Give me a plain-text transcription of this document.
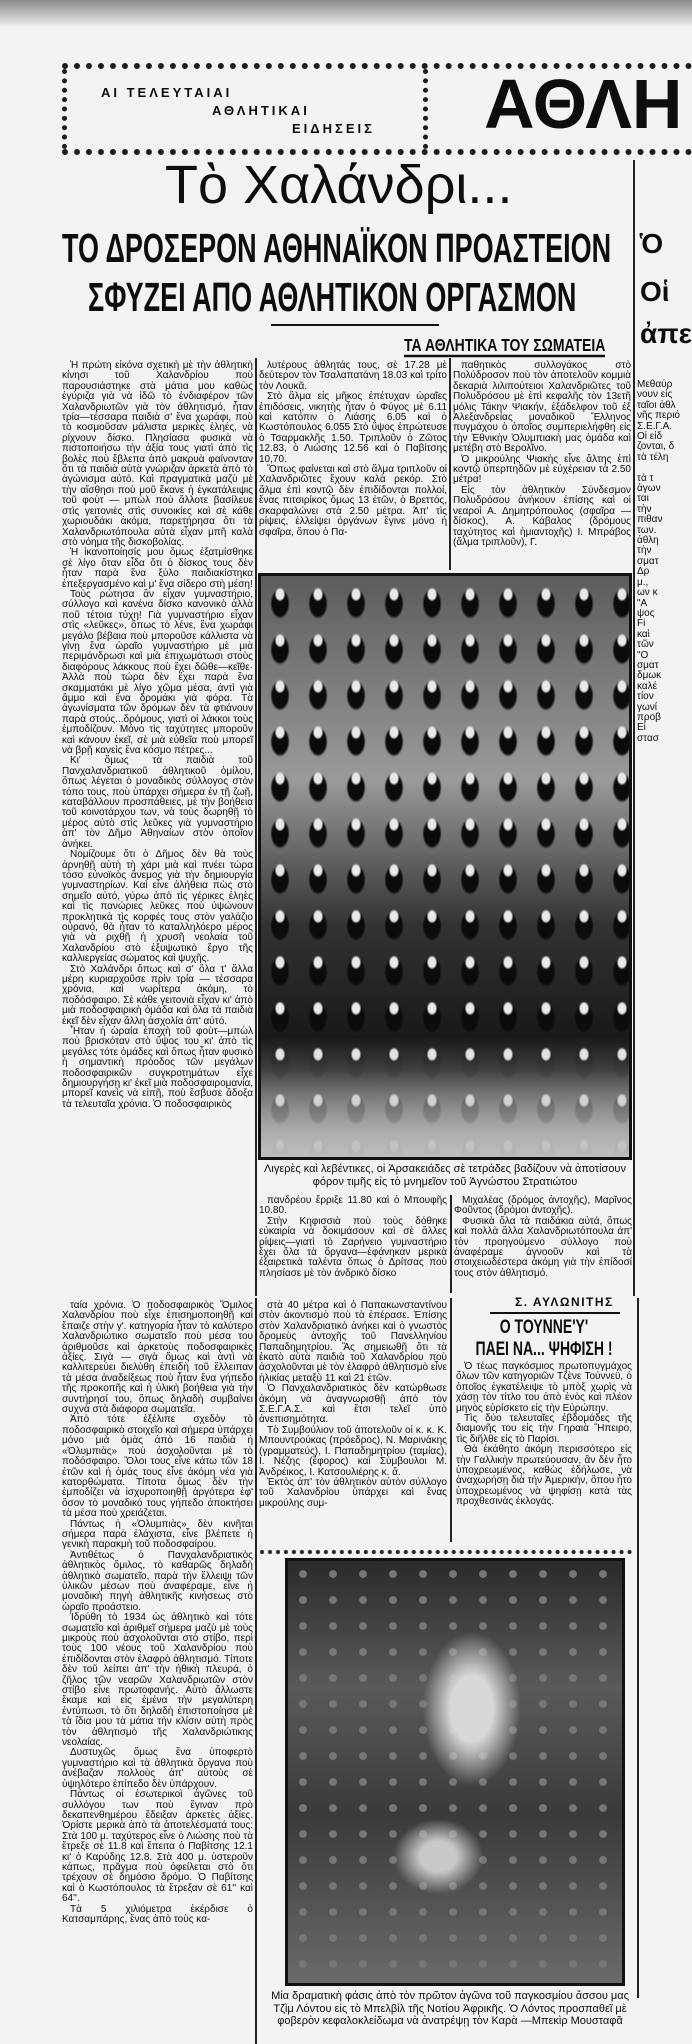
ΑΙ ΤΕΛΕΥΤΑΙΑΙ
ΑΘΛΗΤΙΚΑΙ
ΕΙΔΗΣΕΙΣ ΑΘΛΗ
Τὸ Χαλάνδρι...
ΤΟ ΔΡΟΣΕΡΟΝ ΑΘΗΝΑΪΚΟΝ ΠΡΟΑΣΤΕΙΟΝ
ΣΦΥΖΕΙ ΑΠΟ ΑΘΛΗΤΙΚΟΝ ΟΡΓΑΣΜΟΝ
Ὁ
Οἱ
ἀπε
ΤΑ ΑΘΛΗΤΙΚΑ ΤΟΥ ΣΩΜΑΤΕΙΑ

Ἡ πρώτη εἰκόνα σχετικὴ μὲ τὴν ἀθλητικὴ κίνησι τοῦ Χαλανδρίου ποὺ παρουσιάστηκε στὰ μάτια μου καθὼς ἐγύριζα γιὰ νὰ ἰδῶ τὸ ἐνδιαφέρον τῶν Χαλανδριωτῶν γιὰ τὸν ἀθλητισμό, ἦταν τρία—τέσσαρα παιδιὰ σ' ἕνα χωράφι, ποὺ τὸ κοσμοῦσαν μάλιστα μερικὲς ἐληές, νὰ ρίχνουν δίσκο. Πλησίασα φυσικὰ νὰ πιστοποιήσω τὴν ἀξία τους γιατὶ ἀπὸ τὶς βολὲς ποὺ ἔβλεπα ἀπὸ μακρυὰ φαίνονταν ὅτι τὰ παιδιὰ αὐτὰ γνώριζαν ἀρκετὰ ἀπὸ τὸ ἀγώνισμα αὐτό. Καὶ πραγματικὰ μαζὺ μὲ τὴν αἴσθησι ποὺ μοῦ ἔκανε ἡ ἐγκατάλειψις τοῦ φοὺτ — μπὼλ ποὺ ἄλλοτε βασίλευε στὶς γειτονιὲς στὶς συνοικίες καὶ σὲ κάθε χωριουδάκι ἀκόμα, παρετήρησα ὅτι τὰ Χαλανδριωτόπουλα αὐτὰ εἶχαν μπῆ καλὰ στὸ νόημα τῆς δισκοβολίας.

Ἡ ἱκανοποίησίς μου ὅμως ἐξατμίσθηκε σὲ λίγο ὅταν εἶδα ὅτι ὁ δίσκος τους δὲν ἦταν παρὰ ἕνα ξύλο παιδιακίστηκα ἐπεξεργασμένο καὶ μ' ἕνα σίδερο στὴ μέση!

Τοὺς ρώτησα ἂν εἶχαν γυμναστήριο, σύλλογο καὶ κανένα δίσκο κανονικὸ ἀλλὰ ποῦ τέτοια τύχη! Γιὰ γυμναστήριο εἶχαν στὶς «λεῦκες», ὅπως τὸ λένε, ἕνα χωράφι μεγάλο βέβαια ποὺ μποροῦσε κάλλιστα νὰ γίνῃ ἕνα ὡραῖο γυμναστήριο μὲ μιὰ περιμάνδρωσι καὶ μιὰ ἐπιχωμάτωσι στοὺς διαφόρους λάκκους ποὺ ἔχει δῶθε—κεῖθε· Ἀλλὰ ποὺ τώρα δὲν ἔχει παρὰ ἕνα σκαμματάκι μὲ λίγο χῶμα μέσα, ἀντὶ γιὰ ἄμμο καὶ ἕνα δρομάκι γιὰ φόρα. Τὰ ἀγωνίσματα τῶν δρόμων δὲν τὰ φτιάνουν παρὰ στούς...δρόμους, γιατὶ οἱ λάκκοι τοὺς ἐμποδίζουν. Μόνο τὶς ταχύτητες μποροῦν καὶ κάνουν ἐκεῖ, σὲ μιὰ εὐθεῖα ποὺ μπορεῖ νὰ βρῇ κανεὶς ἕνα κόσμο πέτρες...

Κι' ὅμως τὰ παιδιὰ τοῦ Πανχαλανδριατικοῦ ἀθλητικοῦ ὁμίλου, ὅπως λέγεται ὁ μοναδικὸς σύλλογος στὸν τόπο τους, ποὺ ὑπάρχει σήμερα ἐν τῇ ζωῇ, καταβάλλουν προσπάθειες, μὲ τὴν βοήθεια τοῦ κοινοτάρχου των, νὰ τοὺς δωρηθῇ τὸ μέρος αὐτὸ στὶς λεῦκες γιὰ γυμναστήριο ἀπ' τὸν Δῆμο Ἀθηναίων στὸν ὁποῖον ἀνήκει.

Νομίζουμε ὅτι ὁ Δῆμος δὲν θὰ τοὺς ἀρνηθῇ αὐτὴ τὴ χάρι μιὰ καὶ πνέει τώρα τόσο εὐνοϊκὸς ἄνεμος γιὰ τὴν δημιουργία γυμναστηρίων. Καὶ εἶνε ἀλήθεια πὼς στὸ σημεῖο αὐτό, γύρω ἀπὸ τὶς γέρικες ἐληὲς καὶ τὶς πανώριες λεῦκες ποὺ ὑψώνουν προκλητικὰ τὶς κορφές τους στὸν γαλάζιο οὐρανό, θὰ ἦταν τὸ καταλληλόερο μέρος γιὰ νὰ ριχθῇ ἡ χρυσῆ νεολαία τοῦ Χαλανδρίου στὸ ἐξυψωτικὸ ἔργο τῆς καλλιεργείας σώματος καὶ ψυχῆς.

Στὸ Χαλάνδρι ὅπως καὶ σ' ὅλα τ' ἄλλα μέρη κυριαρχοῦσε πρὶν τρία — τέσσαρα χρόνια, καὶ νωρίτερα ἀκόμη, τὸ ποδόσφαιρο. Σὲ κάθε γειτονιὰ εἶχαν κι' ἀπὸ μιὰ ποδοσφαιρικὴ ὁμάδα καὶ ὅλα τὰ παιδιὰ ἐκεῖ δὲν εἶχαν ἄλλη ἀσχολία ἀπ' αὐτό.

Ἦταν ἡ ὡραία ἐποχὴ τοῦ φοὺτ—μπὼλ ποὺ βρισκόταν στὸ ὕψος του κι' ἀπὸ τὶς μεγάλες τότε ὁμάδες καὶ ὅπως ἦταν φυσικὸ ἡ σημαντικὴ πρόοδος τῶν μεγάλων ποδοσφαιρικῶν συγκροτημάτων εἶχε δημιουργήσῃ κι' ἐκεῖ μιὰ ποδοσφαιρομανία, μπορεῖ κανεὶς νὰ εἰπῇ, ποὺ ἔσβυσε ἄδοξα τὰ τελευταῖα χρόνια. Ὁ ποδοσφαιρικὸς

λυτέρους ἀθλητάς τους, σὲ 17.28 μὲ δεύτερον τὸν Τσαλαπατάνη 18.03 καὶ τρίτο τὸν Λουκᾶ.

Στὸ ἅλμα εἰς μῆκος ἐπέτυχαν ὡραῖες ἐπιδόσεις, νικητὴς ἦταν ὁ Φύγος μὲ 6.11 καὶ κατόπιν ὁ Λιάσης 6.05 καὶ ὁ Κωστόπουλος 6.055 Στὸ ὕψος ἐπρώτευσε ὁ Τσαρμακλῆς 1.50. Τριπλοῦν ὁ Ζῶτος 12.83, ὁ Λιώσης 12.56 καὶ ὁ Παβίτσης 10,70.

Ὅπως φαίνεται καὶ στὸ ἅλμα τριπλοῦν οἱ Χαλανδριῶτες ἔχουν καλὰ ρεκόρ. Στὸ ἅλμα ἐπὶ κοντῷ δὲν ἐπιδίδονται πολλοί, ἕνας πιτσιρίκος ὅμως 13 ἐτῶν, ὁ Βρεττός, σκαρφαλώνει στὰ 2.50 μέτρα. Ἀπ' τὶς ρίψεις, ἐλλείψει ὀργάνων ἔγινε μόνο ἡ σφαῖρα, ὅπου ὁ Πα-

παθητικὸς συλλογάκος στὸ Πολύδροσον ποὺ τὸν ἀποτελοῦν κομμιὰ δεκαριὰ λιλιπούτειοι Χαλανδριῶτες τοῦ Πολυδρόσου μὲ ἐπὶ κεφαλῆς τὸν 13ετῆ μόλις Τάκην Ψιακήν, ἐξάδελφον τοῦ ἐξ Ἀλεξανδρείας μοναδικοῦ Ἕλληνος πυγμάχου ὁ ὁποῖος συμπεριελήφθη εἰς τὴν Ἐθνικὴν Ὀλυμπιακὴ μας ὁμάδα καὶ μετέβη στὸ Βερολῖνο.

Ὁ μικρούλης Ψιακὴς εἶνε ἄλτης ἐπὶ κοντῷ ὑπερπηδῶν μὲ εὐχέρειαν τὰ 2.50 μέτρα!

Εἰς τὸν ἀθλητικὸν Σύνδεσμον Πολυδρόσου ἀνήκουν ἐπίσης καὶ οἱ νεαροὶ Α. Δημητρόπουλος (σφαῖρα — δίσκος), Α. Κάβαλος (δρόμους ταχύτητος καὶ ἡμιαντοχῆς) Ι. Μπράβος (ἅλμα τριπλοῦν), Γ.

Λιγερὲς καὶ λεβέντικες, οἱ Ἀρσακειάδες σὲ τετράδες βαδίζουν νὰ ἀποτίσουν φόρον τιμῆς εἰς τὸ μνημεῖον τοῦ Ἀγνώστου Στρατιώτου

πανδρέου ἔρριξε 11.80 καὶ ὁ Μπουφῆς 10.80.

Στὴν Κηφισσιὰ ποὺ τοὺς δόθηκε εὐκαιρία νὰ δοκιμάσουν καὶ σὲ ἄλλες ρίψεις—γιατὶ τὸ Ζαρήνειο γυμναστήριο ἔχει ὅλα τὰ ὄργανα—ἐφάνηκαν μερικὰ ἐξαιρετικὰ ταλέντα ὅπως ὁ Δρίτσας ποὺ πλησίασε μὲ τὸν ἀνδρικὸ δίσκο

Μιχαλέας (δρόμος ἀντοχῆς), Μαρῖνος Φοῦντος (δρόμοι ἀντοχῆς).

Φυσικὰ ὅλα τὰ παιδάκια αὐτά, ὅπως καὶ πολλὰ ἄλλα Χαλανδριωτόπουλα ἀπ' τὸν προηγούμενο σύλλογο ποὺ ἀναφέραμε ἀγνοοῦν καὶ τὰ στοιχειωδέστερα ἀκόμη γιὰ τὴν ἐπίδοσί τους στὸν ἀθλητισμό.

Μεθαύρ
νουν εἰς
ταῖοι ἀθλ
νῆς περιό
Σ.Ε.Γ.Α.
Οἱ εἰδ
ζονται, δ
τὰ τέλη
τὰ τ
ἀγων
ται
τὴν
πιθαν
των.
ἀθλη
τὴν
σματ
Δρ
μ.,
ων κ
"Α
ψος
Fi
καὶ
τῶν
"Ο
σματ
δμωκ
καλέ
τίον
γωνί
προβ
Εἰ
στασ

ταία χρόνια. Ὁ ποδοσφαιρικὸς Ὅμιλος Χαλανδρίου ποὺ εἶχε ἐπισημοποιηθῇ καὶ ἔπαιζε στὴν γ'. κατηγορία ἦταν τὸ καλύτερο Χαλανδριώτικο σωματεῖο ποὺ μέσα του ἀριθμοῦσε καὶ ἀρκετοὺς ποδοσφαιρικὲς ἀξίες. Σιγὰ — σιγὰ ὅμως καὶ ἀντὶ νὰ καλλιτερεύει διελύθη ἐπειδὴ τοῦ ἔλλειπαν τὰ μέσα ἀναδείξεως ποὺ ἦταν ἕνα γήπεδο τῆς προκοπῆς καὶ ἡ ὑλικὴ βοήθεια γιὰ τὴν συντήρησί του, ὅπως δηλαδὴ συμβαίνει συχνὰ στὰ διάφορα σωματεῖα.

Ἀπὸ τότε ἐξέλιπε σχεδὸν τὸ ποδοσφαιρικὸ στοιχεῖο καὶ σήμερα ὑπάρχει μόνο μιὰ ὁμὰς ἀπὸ 16 παιδιὰ ἡ «Ὀλυμπιὰς» ποὺ ἀσχολοῦνται μὲ τὸ ποδόσφαιρο. Ὅλοι τους εἶνε κάτω τῶν 18 ἐτῶν καὶ ἡ ὁμάς τους εἶνε ἀκόμη νέα γιὰ κατορθώματα. Τίποτα ὅμως δὲν τὴν ἐμποδίζει νὰ ἰσχυροποιηθῇ ἀργότερα ἐφ' ὅσον τὸ μοναδικό τους γήπεδο ἀποκτήσει τὰ μέσα ποὺ χρειάζεται.

Πάντως ἡ «Ὀλυμπιὰς» δὲν κινῆται σήμερα παρὰ ἐλάχιστα, εἶνε βλέπετε ἡ γενικὴ παρακμὴ τοῦ ποδοσφαίρου.

Ἀντιθέτως ὁ Πανχαλανδριατικὸς ἀθλητικὸς ὅμιλος, τὸ καθαρῶς δηλαδὴ ἀθλητικὸ σωματεῖο, παρὰ τὴν ἔλλειψι τῶν ὑλικῶν μέσων ποὺ ἀναφέραμε, εἶνε ἡ μοναδικὴ πηγὴ ἀθλητικῆς κινήσεως στὸ ὡραῖο προάστειο.

Ἱδρύθη τὸ 1934 ὡς ἀθλητικὸ καὶ τότε σωματεῖο καὶ ἀριθμεῖ σήμερα μαζὺ μὲ τοὺς μικροὺς ποὺ ἀσχολοῦνται στὸ στίβο, περὶ τοὺς 100 νέους τοῦ Χαλανδρίου ποὺ ἐπιδίδονται στὸν ἐλαφρὸ ἀθλητισμό. Τίποτε δὲν τοῦ λείπει ἀπ' τὴν ἠθικὴ πλευρά, ὁ ζῆλος τῶν νεαρῶν Χαλανδριωτῶν στὸν στίβο εἶνε πρωτοφανής. Αὐτὸ ἄλλωστε ἔκαμε καὶ εἰς ἐμένα τὴν μεγαλύτερη ἐντύπωσι, τὸ ὅτι δηλαδὴ ἐπιστοποίησα μὲ τὰ ἴδια μου τὰ μάτια τὴν κλίσιν αὐτὴ πρὸς τὸν ἀθλητισμὸ τῆς Χαλανδριώτικης νεολαίας.

Δυστυχῶς ὅμως ἕνα ὑποφερτὸ γυμναστήριο καὶ τὰ ἀθλητικὰ ὄργανα ποὺ ἀνέβαζαν πολλοὺς ἀπ' αὐτοὺς σὲ ὑψηλότερο ἐπίπεδο δὲν ὑπάρχουν.

Πάντως οἱ ἐσωτερικοὶ ἀγῶνες τοῦ συλλόγου των ποὺ ἔγιναν πρὸ δεκαπενθημέρου ἔδειξαν ἀρκετὲς ἀξίες. Ὁρίστε μερικὰ ἀπὸ τὰ ἀποτελέσματά τους: Στὰ 100 μ. ταχύτερος εἶνε ὁ Λιώσης ποὺ τὰ ἔτρεξε σὲ 11.8 καὶ ἔπειτα ὁ Παβίτσης 12.1 κι' ὁ Καρύδης 12.8. Στὰ 400 μ. ὑστεροῦν κάπως, πρᾶγμα ποὺ ὀφείλεται στὸ ὅτι τρέχουν σὲ δημόσιο δρόμο. Ὁ Παβίτσης καὶ ὁ Κωστόπουλος τὰ ἔτρεξαν σὲ 61'' καὶ 64''.

Τὰ 5 χιλιόμετρα ἐκέρδισε ὁ Κατσαμπάρης, ἕνας ἀπὸ τοὺς κα-

στὰ 40 μέτρα καὶ ὁ Παπακωνσταντίνου στὸν ἀκοντισμὸ ποὺ τὰ ἐπέρασε. Ἐπίσης στὸν Χαλανδριατικὸ ἀνήκει καὶ ὁ γνωστὸς δρομεὺς ἀντοχῆς τοῦ Πανελληνίου Παπαδημητρίου. Ἂς σημειωθῇ ὅτι τὰ ἑκατὸ αὐτὰ παιδιὰ τοῦ Χαλανδρίου ποὺ ἀσχολοῦνται μὲ τὸν ἐλαφρὸ ἀθλητισμὸ εἶνε ἡλικίας μεταξὺ 11 καὶ 21 ἐτῶν.

Ὁ Πανχαλανδριατικὸς δὲν κατώρθωσε ἀκόμη νὰ ἀναγνωρισθῇ ἀπὸ τὸν Σ.Ε.Γ.Α.Σ. καὶ ἔτσι τελεῖ ὑπὸ ἀνεπισημότητα.

Τὸ Συμβούλιον τοῦ ἀποτελοῦν οἱ κ. κ. Κ. Μπουντρούκας (πρόεδρος), Ν. Μαρινάκης (γραμματεύς), Ι. Παπαδημητρίου (ταμίας), Ι. Νέζης (ἔφορος) καὶ Σύμβουλοι Μ. Ἀνδρέικος, Ι. Κατσουλιέρης κ. ἄ.

Ἐκτὸς ἀπ' τὸν ἀθλητικὸν αὐτὸν σύλλογο τοῦ Χαλανδρίου ὑπάρχει καὶ ἕνας μικρούλης συμ-

Σ. ΑΥΛΩΝΙΤΗΣ
Ο ΤΟΥΝΝΕ'Υ'
ΠΑΕΙ ΝΑ... ΨΗΦΙΣΗ !

Ὁ τέως παγκόσμιος πρωτοπυγμάχος ὅλων τῶν κατηγοριῶν Τζὲνε Τούννεϋ, ὁ ὁποῖος ἐγκατέλειψε τὸ μπὸξ χωρὶς νὰ χάσῃ τὸν τίτλο του ἀπὸ ἑνὸς καὶ πλέον μηνὸς εὑρίσκετο εἰς τὴν Εὐρώπην.

Τὶς δύο τελευταῖες ἑβδομάδες τῆς διαμονῆς του εἰς τὴν Γηραιὰ Ἤπειρο, τὶς διῆλθε εἰς τὸ Παρίσι.

Θὰ ἐκάθητο ἀκόμη περισσότερο εἰς τὴν Γαλλικὴν πρωτεύουσαν, ἂν δὲν ἦτο ὑποχρεωμένος, καθὼς ἐδήλωσε, νὰ ἀναχωρήσῃ διὰ τὴν Ἀμερικήν, ὅπου ἦτο ὑποχρεωμένος νὰ ψηφίσῃ κατὰ τὰς προχθεσινὰς ἐκλογάς.

Μία δραματικὴ φάσις ἀπὸ τὸν πρῶτον ἀγῶνα τοῦ παγκοσμίου ἄσσου μας Τζὶμ Λόντου εἰς τὸ Μπελβὶλ τῆς Νοτίου Ἀφρικῆς. Ὁ Λόντος προσπαθεῖ μὲ φοβερὸν κεφαλοκλείδωμα νὰ ἀνατρέψῃ τὸν Καρὰ —Μπεκὶρ Μουσταφᾶ
